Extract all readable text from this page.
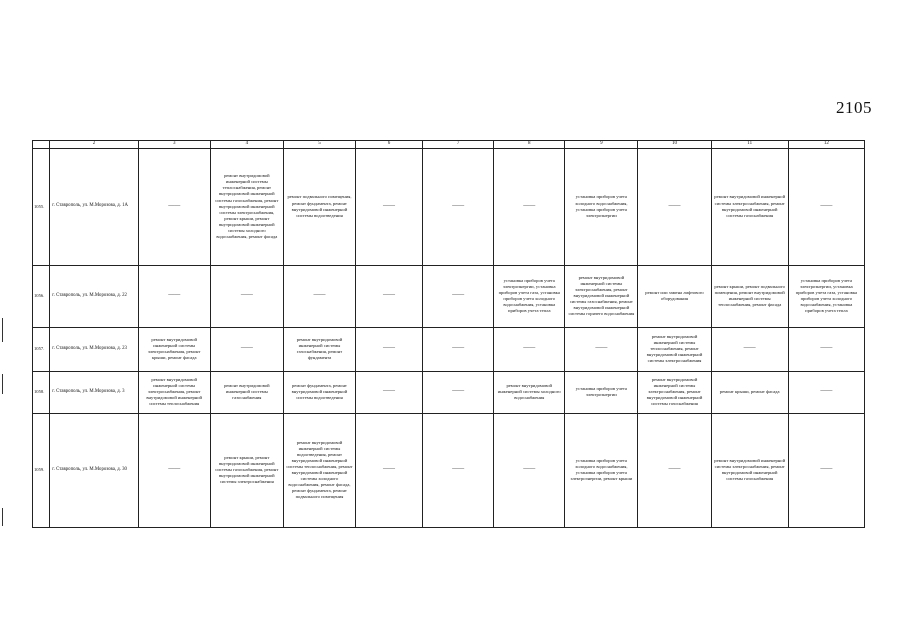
2105
	2	3	4	5	6	7	8	9	10	11	12
1055.	г. Ставрополь, ул. М.Морозова, д. 1А	——	ремонт внутридомовой инженерной системы теплоснабжения, ремонт внутридомовой инженерной системы газоснабжения, ремонт внутридомовой инженерной системы электроснабжения, ремонт крыши, ремонт внутридомовой инженерной системы холодного водоснабжения, ремонт фасада	ремонт подвального помещения, ремонт фундамента, ремонт внутридомовой инженерной системы водоотведения	——	——	——	установка приборов учета холодного водоснабжения, установка приборов учета электроэнергии	——	ремонт внутридомовой инженерной системы электроснабжения, ремонт внутридомовой инженерной системы газоснабжения	——
1056.	г. Ставрополь, ул. М.Морозова, д. 22	——	——	——	——	——	установка приборов учета электроэнергии, установка приборов учета газа, установка приборов учета холодного водоснабжения, установка приборов учета тепла	ремонт внутридомовой инженерной системы электроснабжения, ремонт внутридомовой инженерной системы газоснабжения, ремонт внутридомовой инженерной системы горячего водоснабжения	ремонт или замена лифтового оборудования	ремонт крыши, ремонт подвального помещения, ремонт внутридомовой инженерной системы теплоснабжения, ремонт фасада	установка приборов учета электроэнергии, установка приборов учета газа, установка приборов учета холодного водоснабжения, установка приборов учета тепла
1057.	г. Ставрополь, ул. М.Морозова, д. 23	ремонт внутридомовой инженерной системы электроснабжения, ремонт крыши, ремонт фасада	——	ремонт внутридомовой инженерной системы газоснабжения, ремонт фундамента	——	——	——	——	ремонт внутридомовой инженерной системы теплоснабжения, ремонт внутридомовой инженерной системы электроснабжения	——	——
1058.	г. Ставрополь, ул. М.Морозова, д. 3	ремонт внутридомовой инженерной системы электроснабжения, ремонт внутридомовой инженерной системы теплоснабжения	ремонт внутридомовой инженерной системы газоснабжения	ремонт фундамента, ремонт внутридомовой инженерной системы водоотведения	——	——	ремонт внутридомовой инженерной системы холодного водоснабжения	установка приборов учета электроэнергии	ремонт внутридомовой инженерной системы электроснабжения, ремонт внутридомовой инженерной системы газоснабжения	ремонт крыши, ремонт фасада	——
1059.	г. Ставрополь, ул. М.Морозова, д. 30	——	ремонт крыши, ремонт внутридомовой инженерной системы газоснабжения, ремонт внутридомовой инженерной системы электроснабжения	ремонт внутридомовой инженерной системы водоотведения, ремонт внутридомовой инженерной системы теплоснабжения, ремонт внутридомовой инженерной системы холодного водоснабжения, ремонт фасада, ремонт фундамента, ремонт подвального помещения	——	——	——	установка приборов учета холодного водоснабжения, установка приборов учета электроэнергии, ремонт крыши	——	ремонт внутридомовой инженерной системы электроснабжения, ремонт внутридомовой инженерной системы газоснабжения	——
